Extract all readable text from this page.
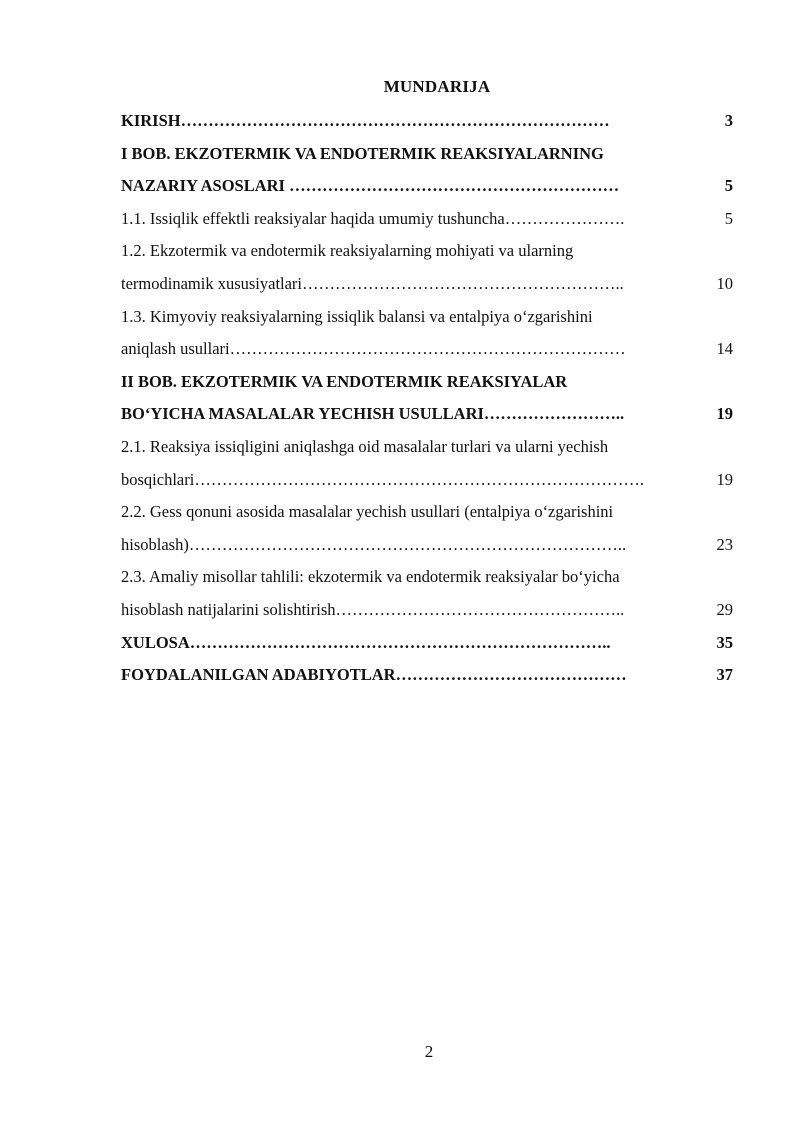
MUNDARIJA
KIRISH ……………………………………………………………………	3
I BOB. EKZOTERMIK VA ENDOTERMIK REAKSIYALARNING
NAZARIY ASOSLARI ……………………………………………………	5
1.1. Issiqlik effektli reaksiyalar haqida umumiy tushuncha ………………….	5
1.2. Ekzotermik va endotermik reaksiyalarning mohiyati va ularning
termodinamik xususiyatlari …………………………………………………..	10
1.3. Kimyoviy reaksiyalarning issiqlik balansi va entalpiya o‘zgarishini
aniqlash usullari ………………………………………………………………	14
II BOB. EKZOTERMIK VA ENDOTERMIK REAKSIYALAR
BO‘YICHA MASALALAR YECHISH USULLARI ……………………..	19
2.1. Reaksiya issiqligini aniqlashga oid masalalar turlari va ularni yechish
bosqichlari ……………………………………………………………………….	19
2.2. Gess qonuni asosida masalalar yechish usullari (entalpiya o‘zgarishini
hisoblash) ……………………………………………………………………..	23
2.3. Amaliy misollar tahlili: ekzotermik va endotermik reaksiyalar bo‘yicha
hisoblash natijalarini solishtirish ……………………………………………..	29
XULOSA …………………………………………………………………..	35
FOYDALANILGAN ADABIYOTLAR ……………………………………	37
2
